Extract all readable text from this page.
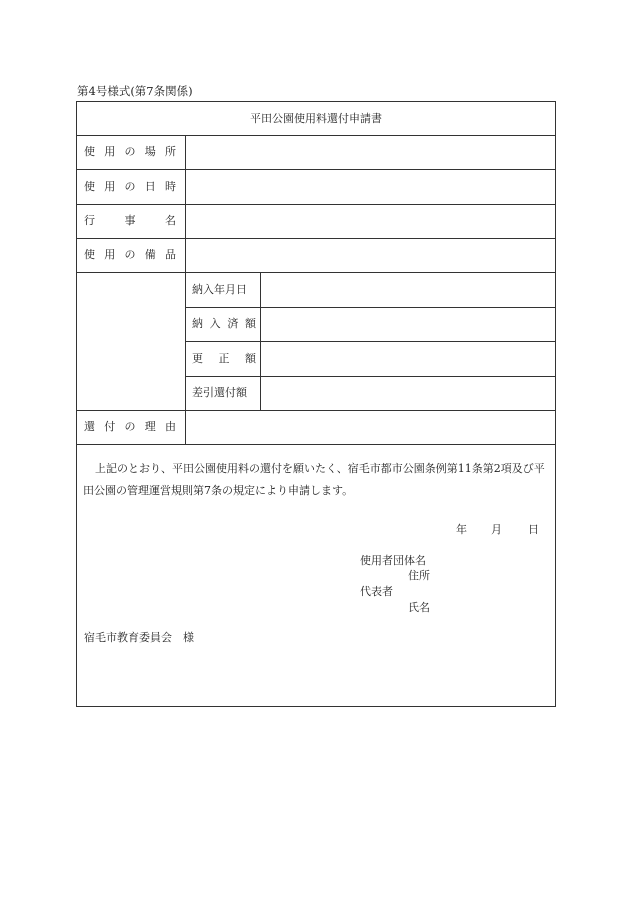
第4号様式(第7条関係)
平田公園使用料還付申請書
使 用 の 場 所
使 用 の 日 時
行	事	名
使 用 の 備 品
還 付 の 理 由
納入年月日
納 入 済 額
更 正 額
差引還付額
上記のとおり、平田公園使用料の還付を願いたく、宿毛市都市公園条例第11条第2項及び平田公園の管理運営規則第7条の規定により申請します。
年 月 日
使用者団体名
住所
代表者
氏名
宿毛市教育委員会　様
